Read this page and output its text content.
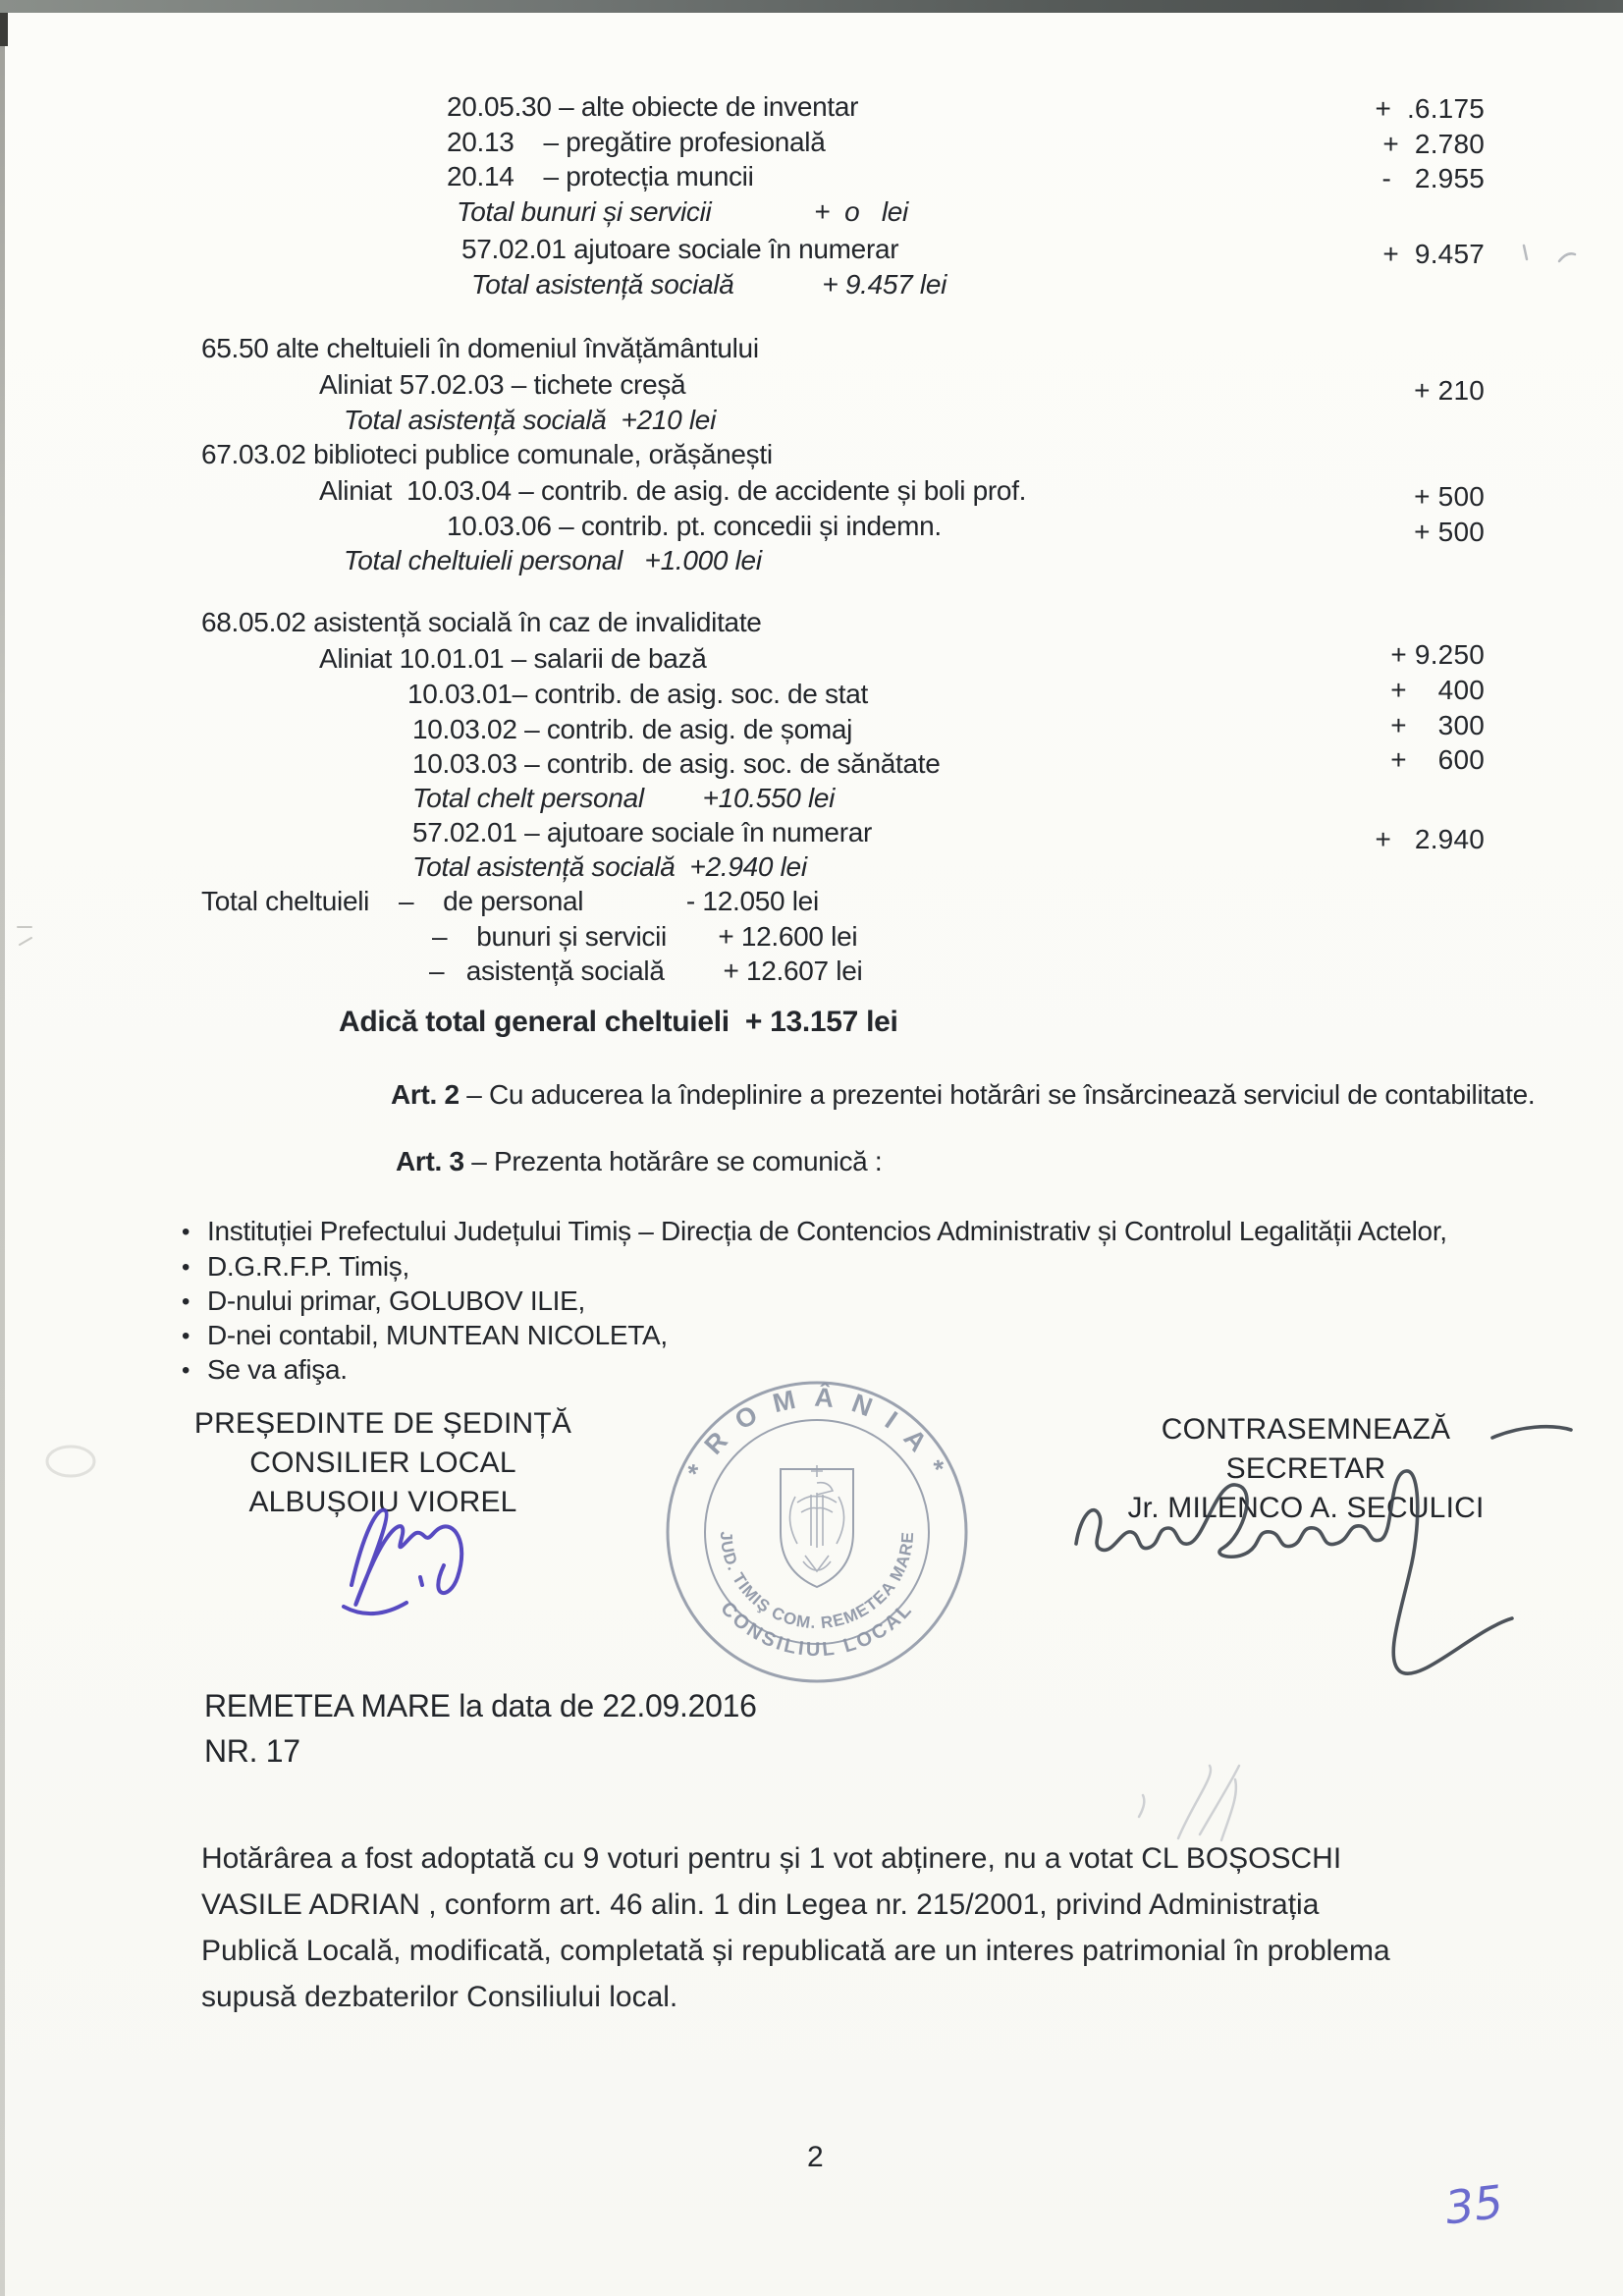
20.05.30 – alte obiecte de inventar
20.13    – pregătire profesională
20.14    – protecția muncii
Total bunuri și servicii              +  o   lei
57.02.01 ajutoare sociale în numerar
Total asistență socială            + 9.457 lei
65.50 alte cheltuieli în domeniul învățământului
Aliniat 57.02.03 – tichete creșă
Total asistență socială  +210 lei
67.03.02 biblioteci publice comunale, orășănești
Aliniat  10.03.04 – contrib. de asig. de accidente și boli prof.
10.03.06 – contrib. pt. concedii și indemn.
Total cheltuieli personal   +1.000 lei
68.05.02 asistență socială în caz de invaliditate
Aliniat 10.01.01 – salarii de bază
10.03.01– contrib. de asig. soc. de stat
10.03.02 – contrib. de asig. de șomaj
10.03.03 – contrib. de asig. soc. de sănătate
Total chelt personal        +10.550 lei
57.02.01 – ajutoare sociale în numerar
Total asistență socială  +2.940 lei
Total cheltuieli    –    de personal              - 12.050 lei
–    bunuri și servicii       + 12.600 lei
–   asistență socială        + 12.607 lei
Adică total general cheltuieli  + 13.157 lei
+  .6.175
+  2.780
-   2.955
+  9.457
+ 210
+ 500
+ 500
+ 9.250
+    400
+    300
+    600
+   2.940
Art. 2 – Cu aducerea la îndeplinire a prezentei hotărâri se însărcinează serviciul de contabilitate.
Art. 3 – Prezenta hotărâre se comunică :
• Instituției Prefectului Județului Timiș – Direcția de Contencios Administrativ și Controlul Legalității Actelor,
• D.G.R.F.P. Timiș,
• D-nului primar, GOLUBOV ILIE,
• D-nei contabil, MUNTEAN NICOLETA,
• Se va afişa.
PREȘEDINTE DE ȘEDINȚĂ
CONSILIER LOCAL
ALBUȘOIU VIOREL
CONTRASEMNEAZĂ
SECRETAR
Jr. MILENCO A. SECULICI
* R O M Â N I A *
CONSILIUL LOCAL
JUD. TIMIŞ COM. REMETEA MARE
REMETEA MARE la data de 22.09.2016
NR. 17
Hotărârea a fost adoptată cu 9 voturi pentru și 1 vot abținere, nu a votat CL BOȘOSCHI
VASILE ADRIAN , conform art. 46 alin. 1 din Legea nr. 215/2001, privind Administrația
Publică Locală, modificată, completată și republicată are un interes patrimonial în problema
supusă dezbaterilor Consiliului local.
2
35
